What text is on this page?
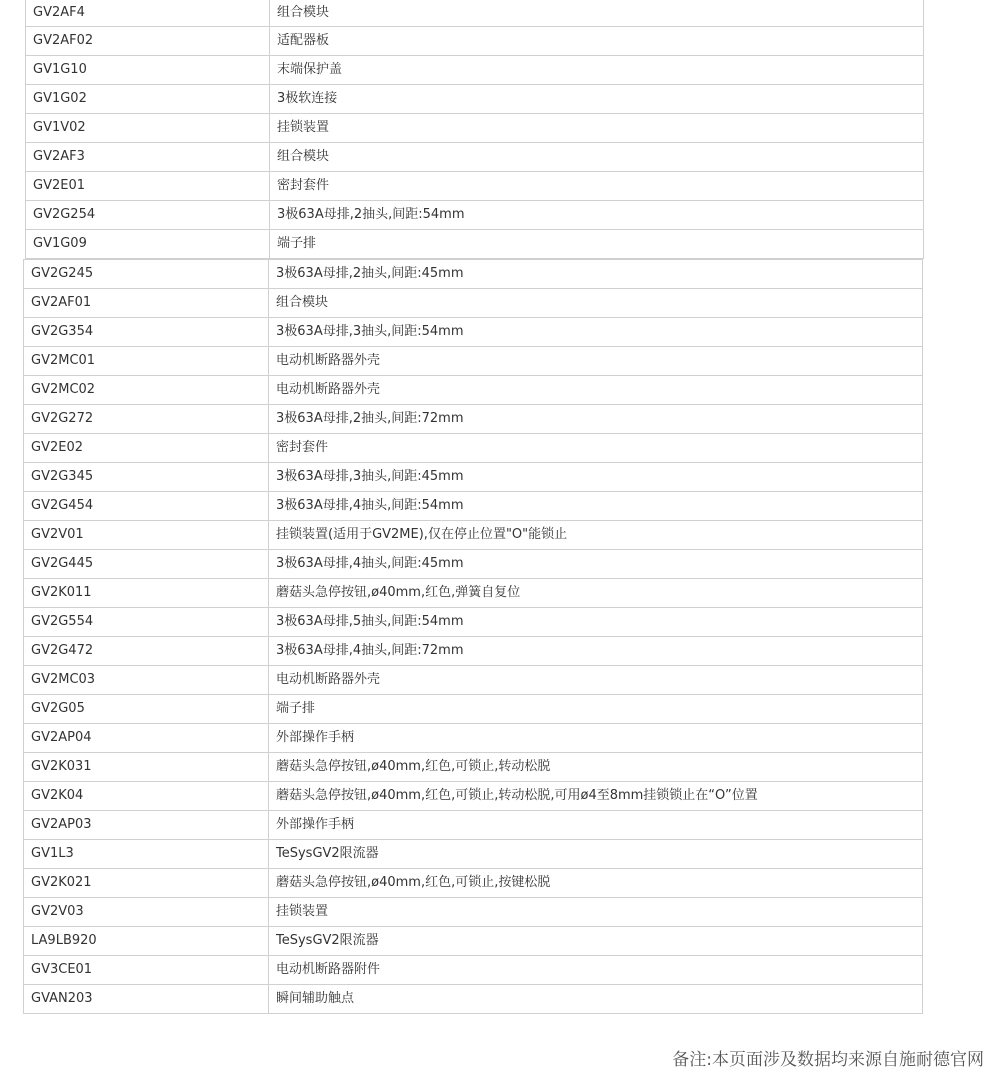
GV2AF4	组合模块
GV2AF02	适配器板
GV1G10	末端保护盖
GV1G02	3极软连接
GV1V02	挂锁装置
GV2AF3	组合模块
GV2E01	密封套件
GV2G254	3极63A母排,2抽头,间距:54mm
GV1G09	端子排
GV2G245	3极63A母排,2抽头,间距:45mm
GV2AF01	组合模块
GV2G354	3极63A母排,3抽头,间距:54mm
GV2MC01	电动机断路器外壳
GV2MC02	电动机断路器外壳
GV2G272	3极63A母排,2抽头,间距:72mm
GV2E02	密封套件
GV2G345	3极63A母排,3抽头,间距:45mm
GV2G454	3极63A母排,4抽头,间距:54mm
GV2V01	挂锁装置(适用于GV2ME),仅在停止位置"O"能锁止
GV2G445	3极63A母排,4抽头,间距:45mm
GV2K011	蘑菇头急停按钮,ø40mm,红色,弹簧自复位
GV2G554	3极63A母排,5抽头,间距:54mm
GV2G472	3极63A母排,4抽头,间距:72mm
GV2MC03	电动机断路器外壳
GV2G05	端子排
GV2AP04	外部操作手柄
GV2K031	蘑菇头急停按钮,ø40mm,红色,可锁止,转动松脱
GV2K04	蘑菇头急停按钮,ø40mm,红色,可锁止,转动松脱,可用ø4至8mm挂锁锁止在“O”位置
GV2AP03	外部操作手柄
GV1L3	TeSysGV2限流器
GV2K021	蘑菇头急停按钮,ø40mm,红色,可锁止,按键松脱
GV2V03	挂锁装置
LA9LB920	TeSysGV2限流器
GV3CE01	电动机断路器附件
GVAN203	瞬间辅助触点
备注:本页面涉及数据均来源自施耐德官网
